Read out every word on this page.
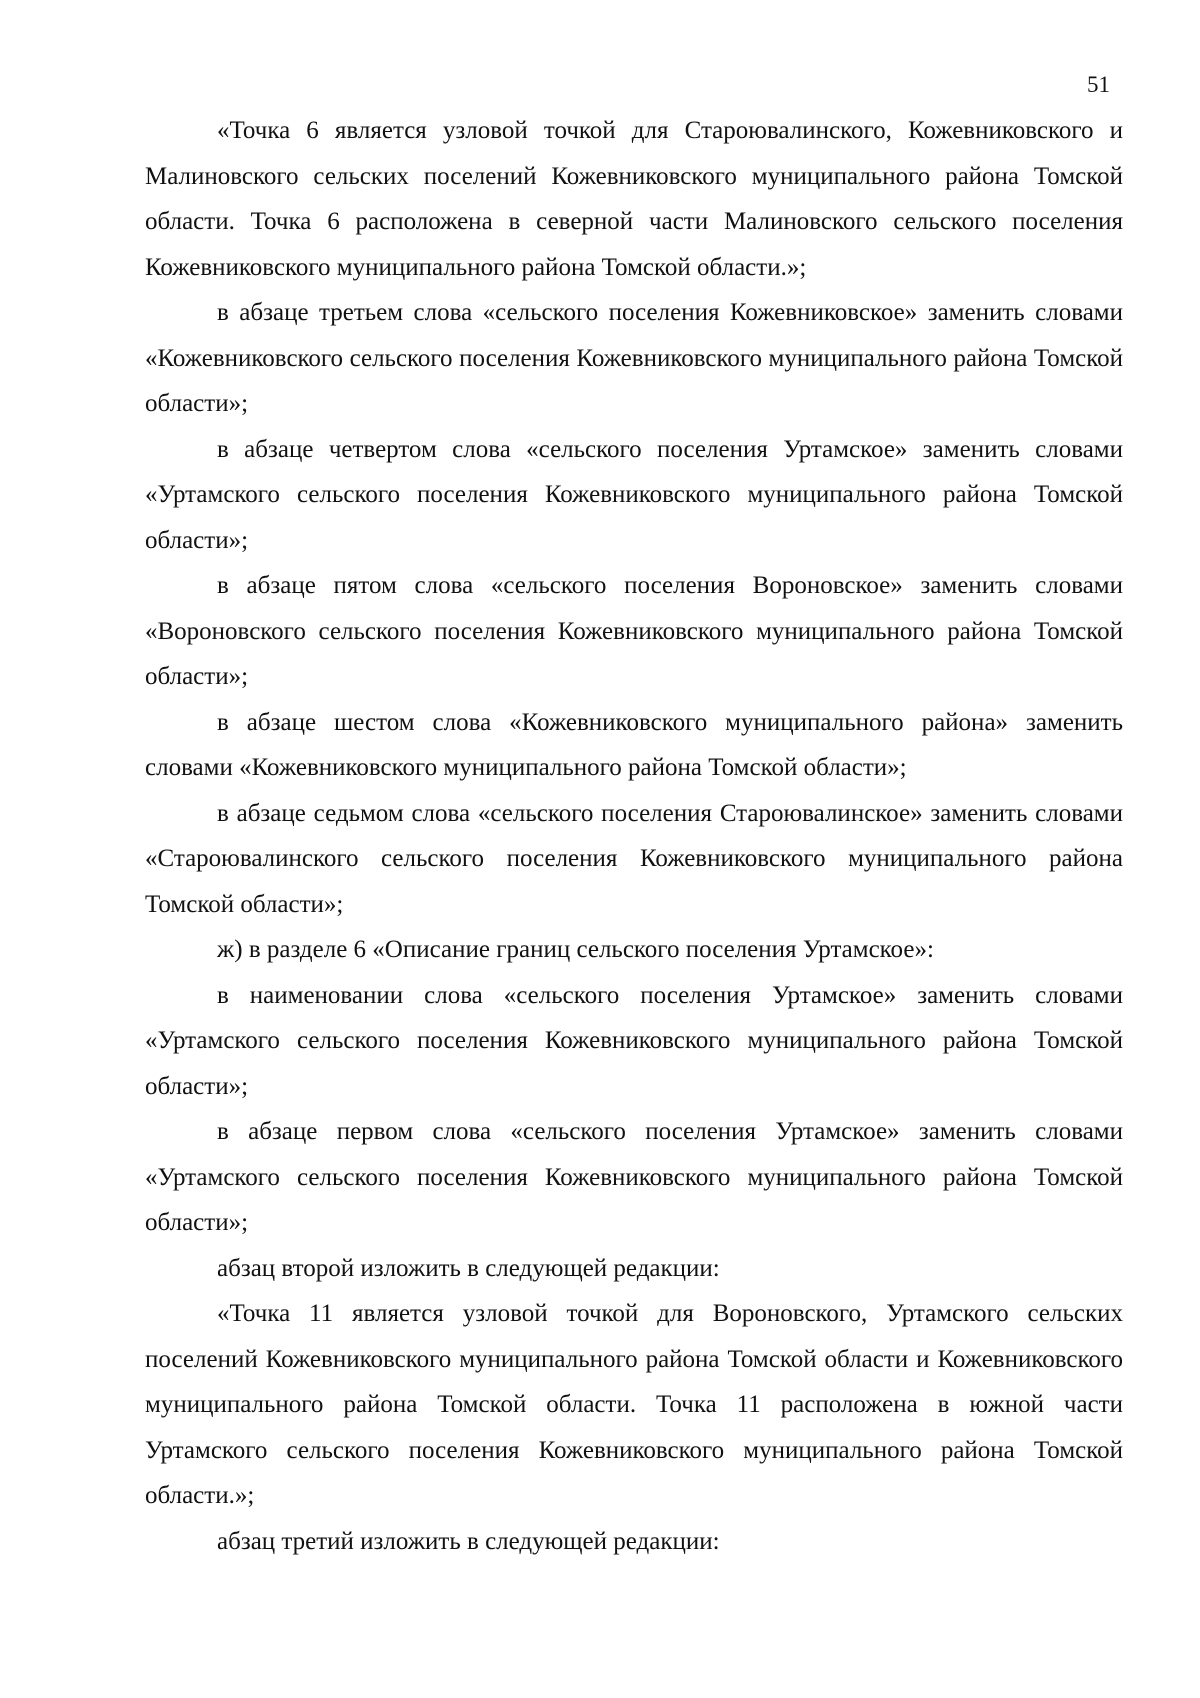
51

«Точка 6 является узловой точкой для Староювалинского, Кожевниковского и Малиновского сельских поселений Кожевниковского муниципального района Томской области. Точка 6 расположена в северной части Малиновского сельского поселения Кожевниковского муниципального района Томской области.»;

в абзаце третьем слова «сельского поселения Кожевниковское» заменить словами «Кожевниковского сельского поселения Кожевниковского муниципального района Томской области»;

в абзаце четвертом слова «сельского поселения Уртамское» заменить словами «Уртамского сельского поселения Кожевниковского муниципального района Томской области»;

в абзаце пятом слова «сельского поселения Вороновское» заменить словами «Вороновского сельского поселения Кожевниковского муниципального района Томской области»;

в абзаце шестом слова «Кожевниковского муниципального района» заменить словами «Кожевниковского муниципального района Томской области»;

в абзаце седьмом слова «сельского поселения Староювалинское» заменить словами «Староювалинского сельского поселения Кожевниковского муниципального района Томской области»;

ж) в разделе 6 «Описание границ сельского поселения Уртамское»:

в наименовании слова «сельского поселения Уртамское» заменить словами «Уртамского сельского поселения Кожевниковского муниципального района Томской области»;

в абзаце первом слова «сельского поселения Уртамское» заменить словами «Уртамского сельского поселения Кожевниковского муниципального района Томской области»;

абзац второй изложить в следующей редакции:

«Точка 11 является узловой точкой для Вороновского, Уртамского сельских поселений Кожевниковского муниципального района Томской области и Кожевниковского муниципального района Томской области. Точка 11 расположена в южной части Уртамского сельского поселения Кожевниковского муниципального района Томской области.»;

абзац третий изложить в следующей редакции:
